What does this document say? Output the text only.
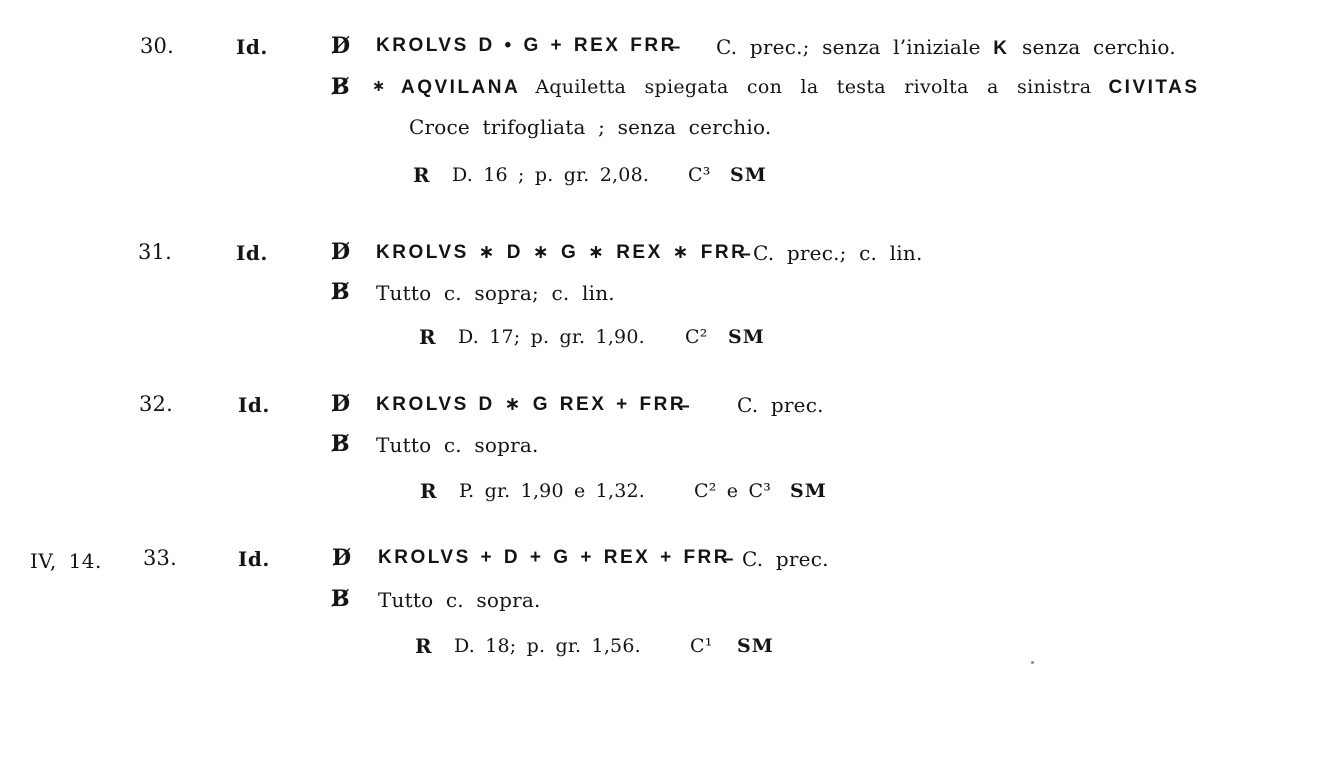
30.	Id.	D̸ KROLVS D • G + REX FRR̶ C. prec.; senza l’iniziale K senza cerchio.
B̸ ∗ AQVILANA Aquiletta spiegata con la testa rivolta a sinistra CIVITAS
Croce trifogliata ; senza cerchio.
R D. 16 ; p. gr. 2,08. C³ SM
31.	Id.	D̸ KROLVS ∗ D ∗ G ∗ REX ∗ FRR̶ C. prec.; c. lin.
B̸ Tutto c. sopra; c. lin.
R D. 17; p. gr. 1,90. C² SM
32.	Id.	D̸ KROLVS D ∗ G REX + FRR̶	C. prec.
B̸ Tutto c. sopra.
R P. gr. 1,90 e 1,32.	C² e C³ SM
IV, 14. 33.	Id.	D̸ KROLVS + D + G + REX + FRR̶ C. prec.
B̸ Tutto c. sopra.
R D. 18; p. gr. 1,56.	C¹ SM
